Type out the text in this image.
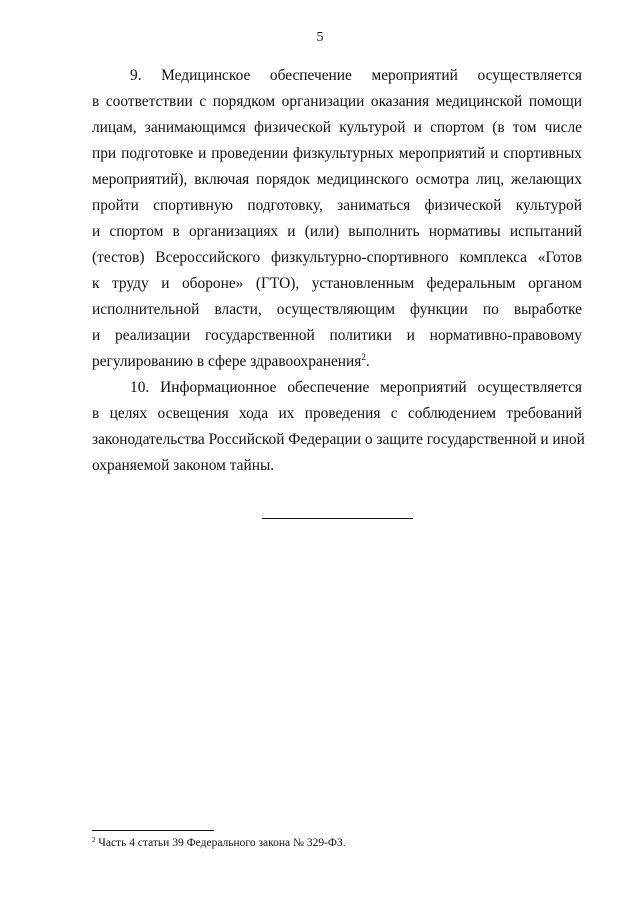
5
9. Медицинское обеспечение мероприятий осуществляется
в соответствии с порядком организации оказания медицинской помощи
лицам, занимающимся физической культурой и спортом (в том числе
при подготовке и проведении физкультурных мероприятий и спортивных
мероприятий), включая порядок медицинского осмотра лиц, желающих
пройти спортивную подготовку, заниматься физической культурой
и спортом в организациях и (или) выполнить нормативы испытаний
(тестов) Всероссийского физкультурно-спортивного комплекса «Готов
к труду и обороне» (ГТО), установленным федеральным органом
исполнительной власти, осуществляющим функции по выработке
и реализации государственной политики и нормативно-правовому
регулированию в сфере здравоохранения$^2$.
10. Информационное обеспечение мероприятий осуществляется
в целях освещения хода их проведения с соблюдением требований
законодательства Российской Федерации о защите государственной и иной
охраняемой законом тайны.
$^2$ Часть 4 статьи 39 Федерального закона № 329-ФЗ.
